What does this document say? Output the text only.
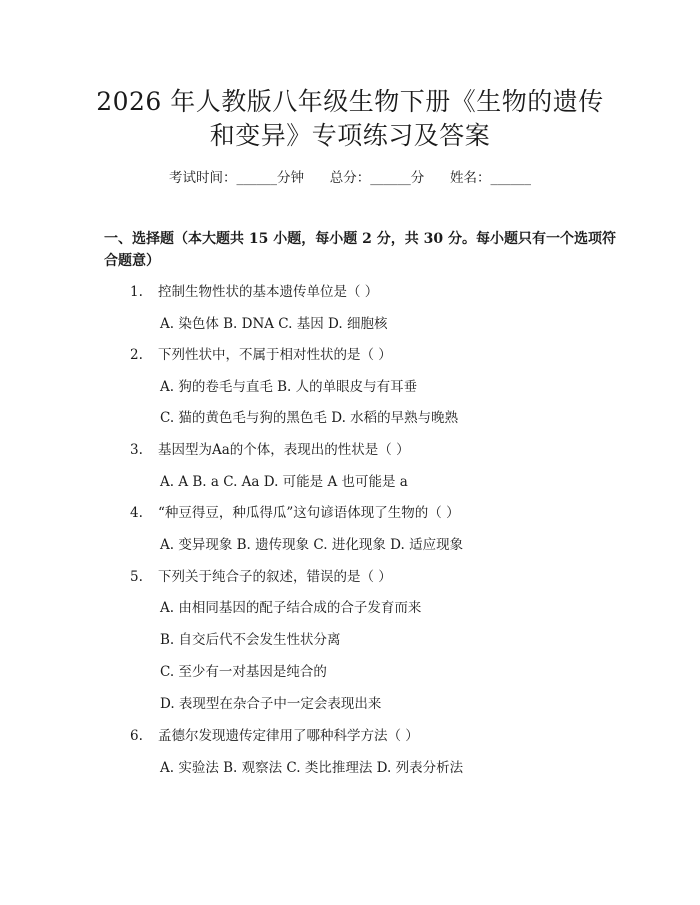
2026 年人教版八年级生物下册《生物的遗传
和变异》专项练习及答案
考试时间：______分钟      总分：______分      姓名：______
一、选择题（本大题共 15 小题，每小题 2 分，共 30 分。每小题只有一个选项符合题意）
1. 控制生物性状的基本遗传单位是（ ）
A. 染色体 B. DNA C. 基因 D. 细胞核
2. 下列性状中，不属于相对性状的是（ ）
A. 狗的卷毛与直毛 B. 人的单眼皮与有耳垂
C. 猫的黄色毛与狗的黑色毛 D. 水稻的早熟与晚熟
3. 基因型为Aa的个体，表现出的性状是（ ）
A. A B. a C. Aa D. 可能是 A 也可能是 a
4. “种豆得豆，种瓜得瓜”这句谚语体现了生物的（ ）
A. 变异现象 B. 遗传现象 C. 进化现象 D. 适应现象
5. 下列关于纯合子的叙述，错误的是（ ）
A. 由相同基因的配子结合成的合子发育而来
B. 自交后代不会发生性状分离
C. 至少有一对基因是纯合的
D. 表现型在杂合子中一定会表现出来
6. 孟德尔发现遗传定律用了哪种科学方法（ ）
A. 实验法 B. 观察法 C. 类比推理法 D. 列表分析法
